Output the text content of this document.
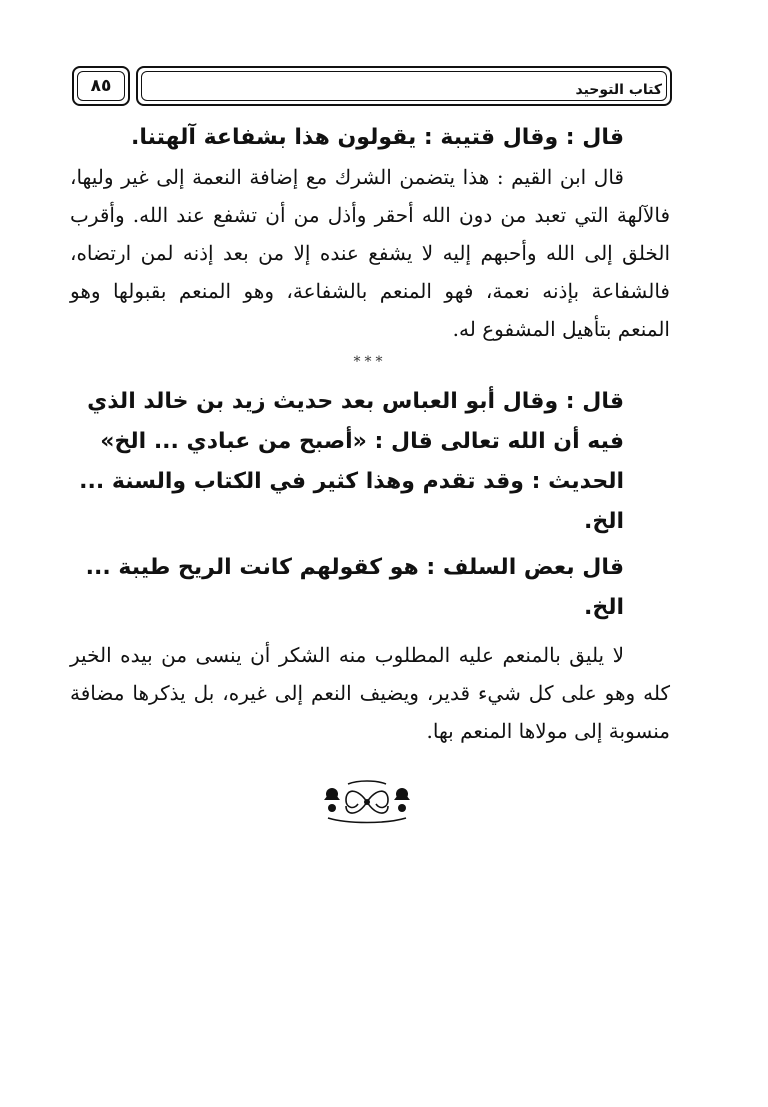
٨٥	كتاب التوحيد

قال : وقال قتيبة : يقولون هذا بشفاعة آلهتنا.

قال ابن القيم : هذا يتضمن الشرك مع إضافة النعمة إلى غير وليها، فالآلهة التي تعبد من دون الله أحقر وأذل من أن تشفع عند الله. وأقرب الخلق إلى الله وأحبهم إليه لا يشفع عنده إلا من بعد إذنه لمن ارتضاه، فالشفاعة بإذنه نعمة، فهو المنعم بالشفاعة، وهو المنعم بقبولها وهو المنعم بتأهيل المشفوع له.

***

قال : وقال أبو العباس بعد حديث زيد بن خالد الذي فيه أن الله تعالى قال : «أصبح من عبادي ... الخ» الحديث : وقد تقدم وهذا كثير في الكتاب والسنة ... الخ.

قال بعض السلف : هو كقولهم كانت الريح طيبة ... الخ.

لا يليق بالمنعم عليه المطلوب منه الشكر أن ينسى من بيده الخير كله وهو على كل شيء قدير، ويضيف النعم إلى غيره، بل يذكرها مضافة منسوبة إلى مولاها المنعم بها.
